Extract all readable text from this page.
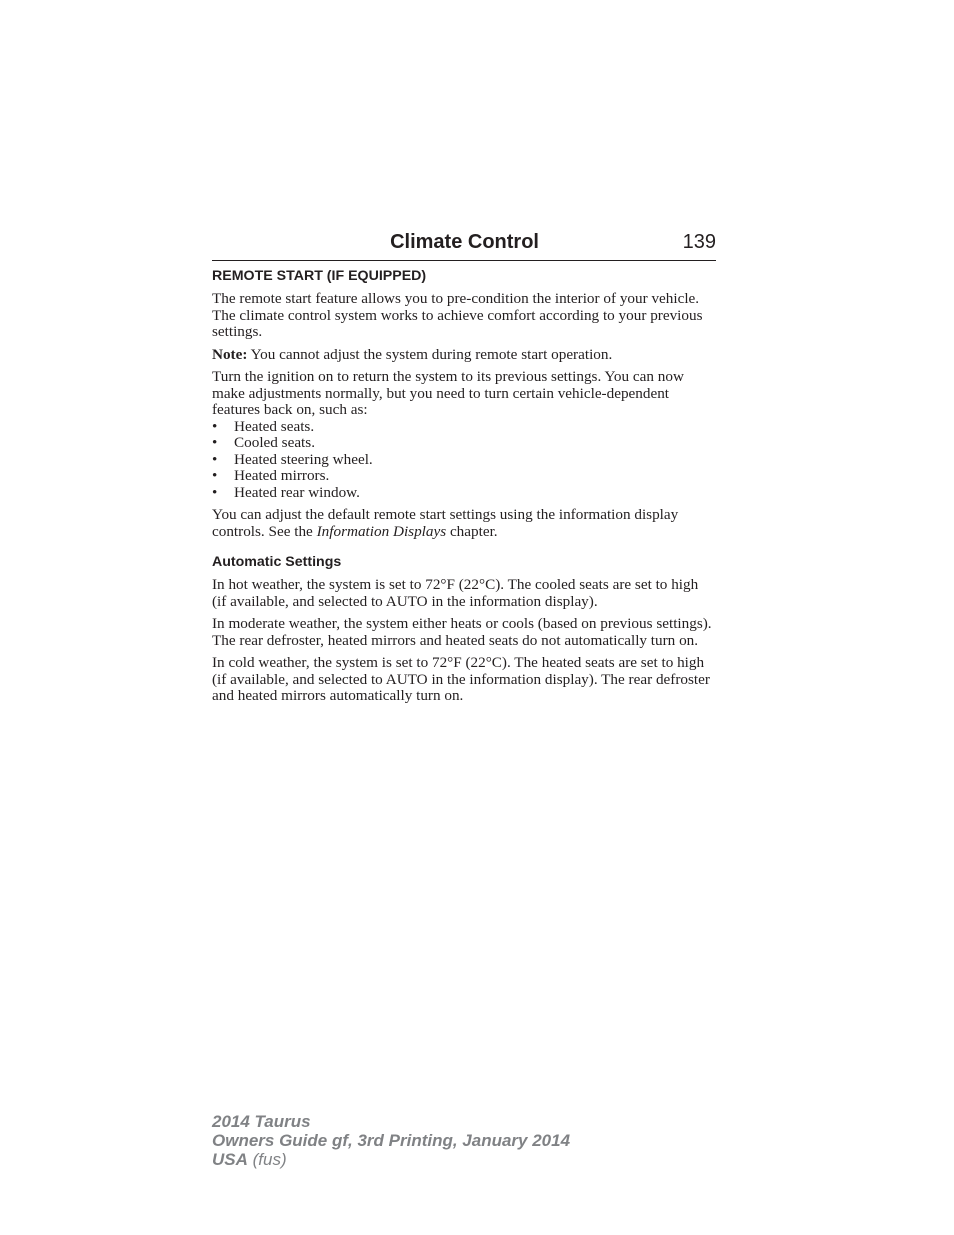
Climate Control	139
REMOTE START (IF EQUIPPED)

The remote start feature allows you to pre-condition the interior of your vehicle. The climate control system works to achieve comfort according to your previous settings.

Note: You cannot adjust the system during remote start operation.

Turn the ignition on to return the system to its previous settings. You can now make adjustments normally, but you need to turn certain vehicle-dependent features back on, such as:

• Heated seats.
• Cooled seats.
• Heated steering wheel.
• Heated mirrors.
• Heated rear window.

You can adjust the default remote start settings using the information display controls. See the Information Displays chapter.

Automatic Settings

In hot weather, the system is set to 72°F (22°C). The cooled seats are set to high (if available, and selected to AUTO in the information display).

In moderate weather, the system either heats or cools (based on previous settings). The rear defroster, heated mirrors and heated seats do not automatically turn on.

In cold weather, the system is set to 72°F (22°C). The heated seats are set to high (if available, and selected to AUTO in the information display). The rear defroster and heated mirrors automatically turn on.

2014 Taurus
Owners Guide gf, 3rd Printing, January 2014
USA (fus)
